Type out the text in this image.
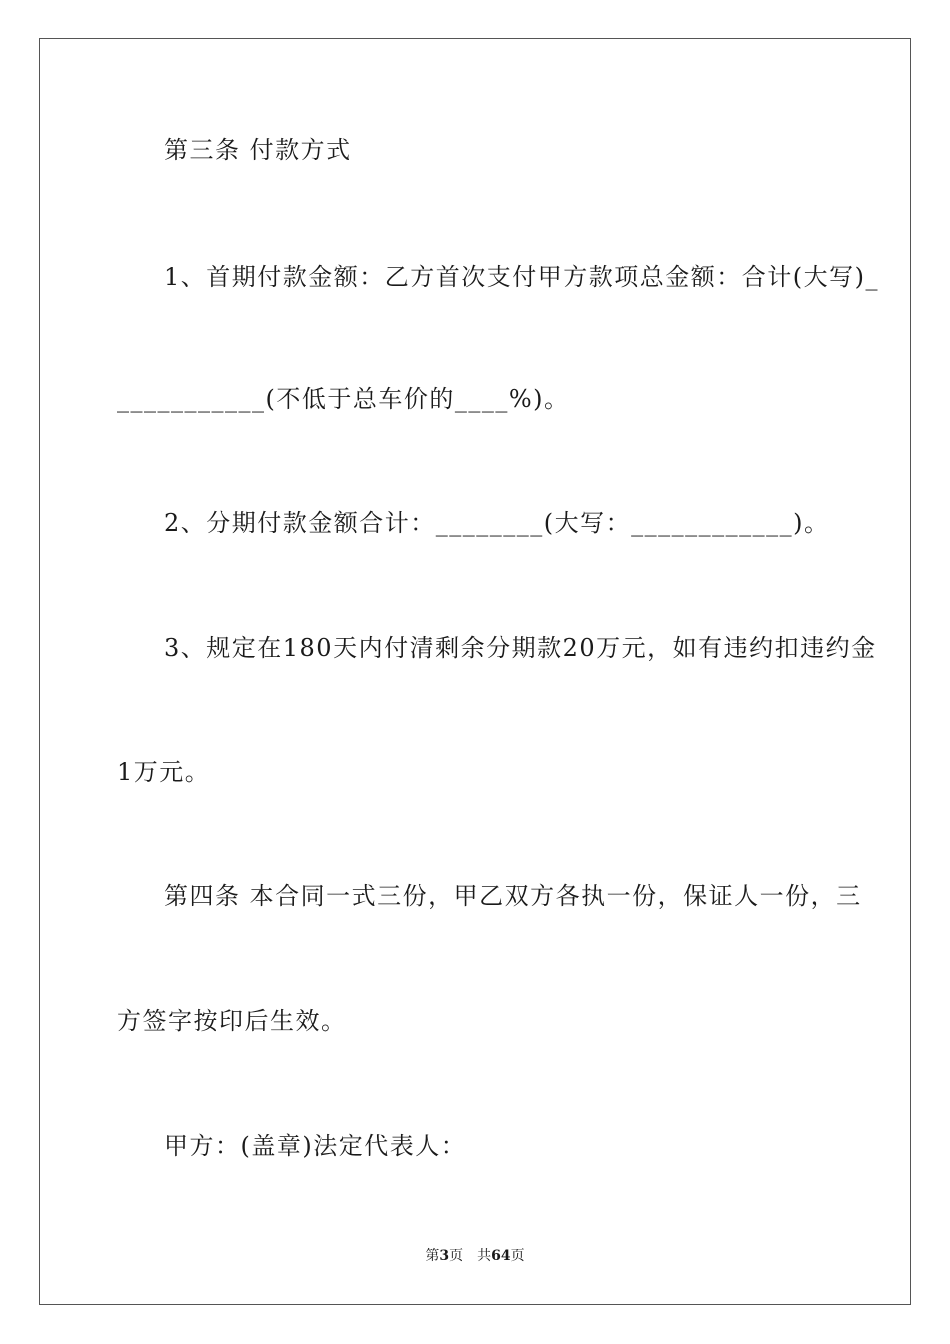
第三条 付款方式
1、首期付款金额：乙方首次支付甲方款项总金额：合计(大写)_
___________(不低于总车价的____%)。
2、分期付款金额合计：________(大写：____________)。
3、规定在180天内付清剩余分期款20万元，如有违约扣违约金
1万元。
第四条 本合同一式三份，甲乙双方各执一份，保证人一份，三
方签字按印后生效。
甲方：(盖章)法定代表人：
第3页 共64页
